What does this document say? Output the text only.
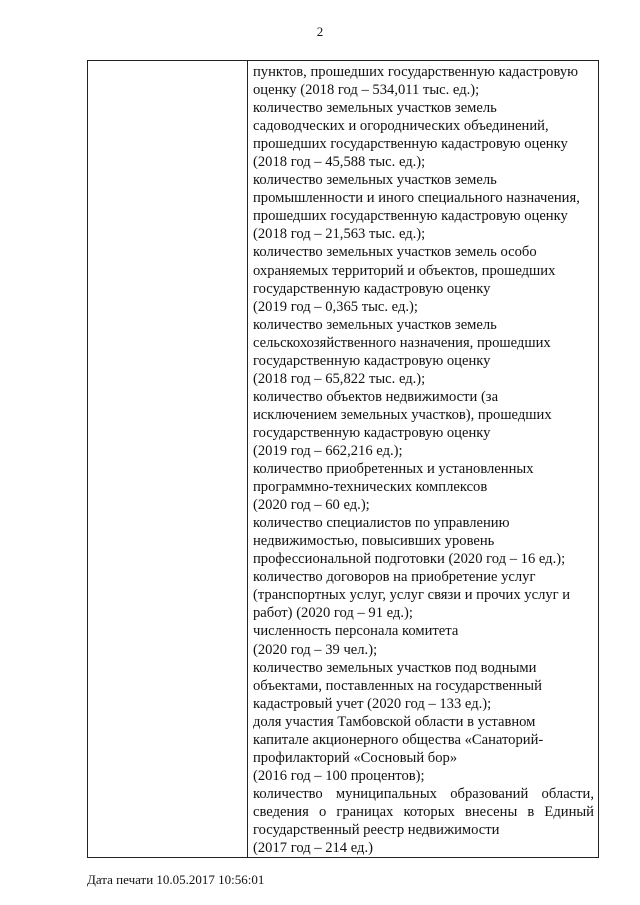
2

пунктов, прошедших государственную кадастровую
оценку (2018 год – 534,011 тыс. ед.);
количество земельных участков земель
садоводческих и огороднических объединений,
прошедших государственную кадастровую оценку
(2018 год – 45,588 тыс. ед.);
количество земельных участков земель
промышленности и иного специального назначения,
прошедших государственную кадастровую оценку
(2018 год – 21,563 тыс. ед.);
количество земельных участков земель особо
охраняемых территорий и объектов, прошедших
государственную кадастровую оценку
(2019 год – 0,365 тыс. ед.);
количество земельных участков земель
сельскохозяйственного назначения, прошедших
государственную кадастровую оценку
(2018 год – 65,822 тыс. ед.);
количество объектов недвижимости (за
исключением земельных участков), прошедших
государственную кадастровую оценку
(2019 год – 662,216 ед.);
количество приобретенных и установленных
программно-технических комплексов
(2020 год – 60 ед.);
количество специалистов по управлению
недвижимостью, повысивших уровень
профессиональной подготовки (2020 год – 16 ед.);
количество договоров на приобретение услуг
(транспортных услуг, услуг связи и прочих услуг и
работ) (2020 год – 91 ед.);
численность персонала комитета
(2020 год – 39 чел.);
количество земельных участков под водными
объектами, поставленных на государственный
кадастровый учет (2020 год – 133 ед.);
доля участия Тамбовской области в уставном
капитале акционерного общества «Санаторий-
профилакторий «Сосновый бор»
(2016 год – 100 процентов);
количество муниципальных образований области,
сведения о границах которых внесены в Единый
государственный реестр недвижимости
(2017 год – 214 ед.)
Дата печати 10.05.2017 10:56:01
